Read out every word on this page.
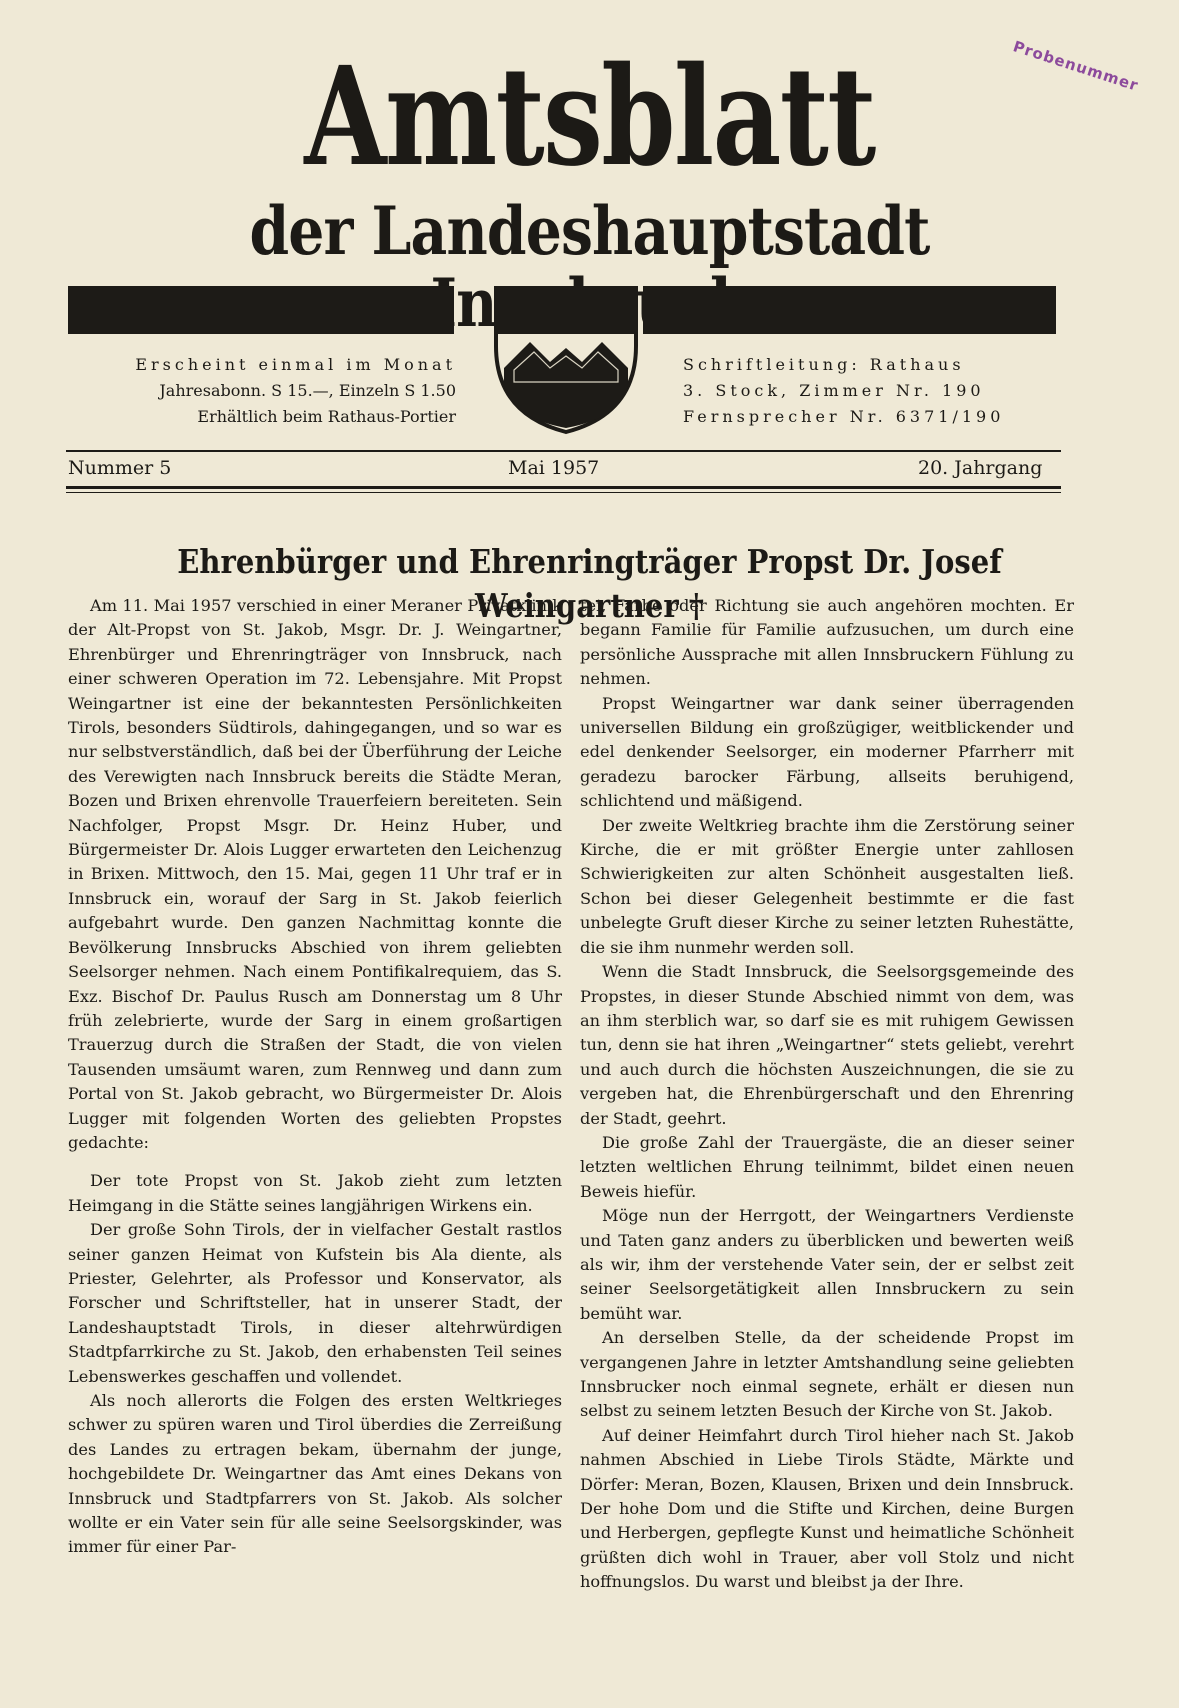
Probenummer
Amtsblatt
der Landeshauptstadt
Erscheint einmal im Monat
Jahresabonn. S 15.—, Einzeln S 1.50
Erhältlich beim Rathaus-Portier
Schriftleitung: Rathaus
3. Stock, Zimmer Nr. 190
Fernsprecher Nr. 6371/190
Nummer 5	Mai 1957	20. Jahrgang
Ehrenbürger und Ehrenringträger Propst Dr. Josef Weingartner †

Am 11. Mai 1957 verschied in einer Meraner Privatklinik der Alt-Propst von St. Jakob, Msgr. Dr. J. Weingartner, Ehrenbürger und Ehrenringträger von Innsbruck, nach einer schweren Operation im 72. Lebensjahre. Mit Propst Weingartner ist eine der bekanntesten Persönlichkeiten Tirols, besonders Südtirols, dahingegangen, und so war es nur selbstverständlich, daß bei der Überführung der Leiche des Verewigten nach Innsbruck bereits die Städte Meran, Bozen und Brixen ehrenvolle Trauerfeiern bereiteten. Sein Nachfolger, Propst Msgr. Dr. Heinz Huber, und Bürgermeister Dr. Alois Lugger erwarteten den Leichenzug in Brixen. Mittwoch, den 15. Mai, gegen 11 Uhr traf er in Innsbruck ein, worauf der Sarg in St. Jakob feierlich aufgebahrt wurde. Den ganzen Nachmittag konnte die Bevölkerung Innsbrucks Abschied von ihrem geliebten Seelsorger nehmen. Nach einem Pontifikalrequiem, das S. Exz. Bischof Dr. Paulus Rusch am Donnerstag um 8 Uhr früh zelebrierte, wurde der Sarg in einem großartigen Trauerzug durch die Straßen der Stadt, die von vielen Tausenden umsäumt waren, zum Rennweg und dann zum Portal von St. Jakob gebracht, wo Bürgermeister Dr. Alois Lugger mit folgenden Worten des geliebten Propstes gedachte:

Der tote Propst von St. Jakob zieht zum letzten Heimgang in die Stätte seines langjährigen Wirkens ein.

Der große Sohn Tirols, der in vielfacher Gestalt rastlos seiner ganzen Heimat von Kufstein bis Ala diente, als Priester, Gelehrter, als Professor und Konservator, als Forscher und Schriftsteller, hat in unserer Stadt, der Landeshauptstadt Tirols, in dieser altehrwürdigen Stadtpfarrkirche zu St. Jakob, den erhabensten Teil seines Lebenswerkes geschaffen und vollendet.

Als noch allerorts die Folgen des ersten Weltkrieges schwer zu spüren waren und Tirol überdies die Zerreißung des Landes zu ertragen bekam, übernahm der junge, hochgebildete Dr. Weingartner das Amt eines Dekans von Innsbruck und Stadtpfarrers von St. Jakob. Als solcher wollte er ein Vater sein für alle seine Seelsorgskinder, was immer für einer Par-

tei, Farbe oder Richtung sie auch angehören mochten. Er begann Familie für Familie aufzusuchen, um durch eine persönliche Aussprache mit allen Innsbruckern Fühlung zu nehmen.

Propst Weingartner war dank seiner überragenden universellen Bildung ein großzügiger, weitblickender und edel denkender Seelsorger, ein moderner Pfarrherr mit geradezu barocker Färbung, allseits beruhigend, schlichtend und mäßigend.

Der zweite Weltkrieg brachte ihm die Zerstörung seiner Kirche, die er mit größter Energie unter zahllosen Schwierigkeiten zur alten Schönheit ausgestalten ließ. Schon bei dieser Gelegenheit bestimmte er die fast unbelegte Gruft dieser Kirche zu seiner letzten Ruhestätte, die sie ihm nunmehr werden soll.

Wenn die Stadt Innsbruck, die Seelsorgsgemeinde des Propstes, in dieser Stunde Abschied nimmt von dem, was an ihm sterblich war, so darf sie es mit ruhigem Gewissen tun, denn sie hat ihren „Weingartner“ stets geliebt, verehrt und auch durch die höchsten Auszeichnungen, die sie zu vergeben hat, die Ehrenbürgerschaft und den Ehrenring der Stadt, geehrt.

Die große Zahl der Trauergäste, die an dieser seiner letzten weltlichen Ehrung teilnimmt, bildet einen neuen Beweis hiefür.

Möge nun der Herrgott, der Weingartners Verdienste und Taten ganz anders zu überblicken und bewerten weiß als wir, ihm der verstehende Vater sein, der er selbst zeit seiner Seelsorgetätigkeit allen Innsbruckern zu sein bemüht war.

An derselben Stelle, da der scheidende Propst im vergangenen Jahre in letzter Amtshandlung seine geliebten Innsbrucker noch einmal segnete, erhält er diesen nun selbst zu seinem letzten Besuch der Kirche von St. Jakob.

Auf deiner Heimfahrt durch Tirol hieher nach St. Jakob nahmen Abschied in Liebe Tirols Städte, Märkte und Dörfer: Meran, Bozen, Klausen, Brixen und dein Innsbruck. Der hohe Dom und die Stifte und Kirchen, deine Burgen und Herbergen, gepflegte Kunst und heimatliche Schönheit grüßten dich wohl in Trauer, aber voll Stolz und nicht hoffnungslos. Du warst und bleibst ja der Ihre.
